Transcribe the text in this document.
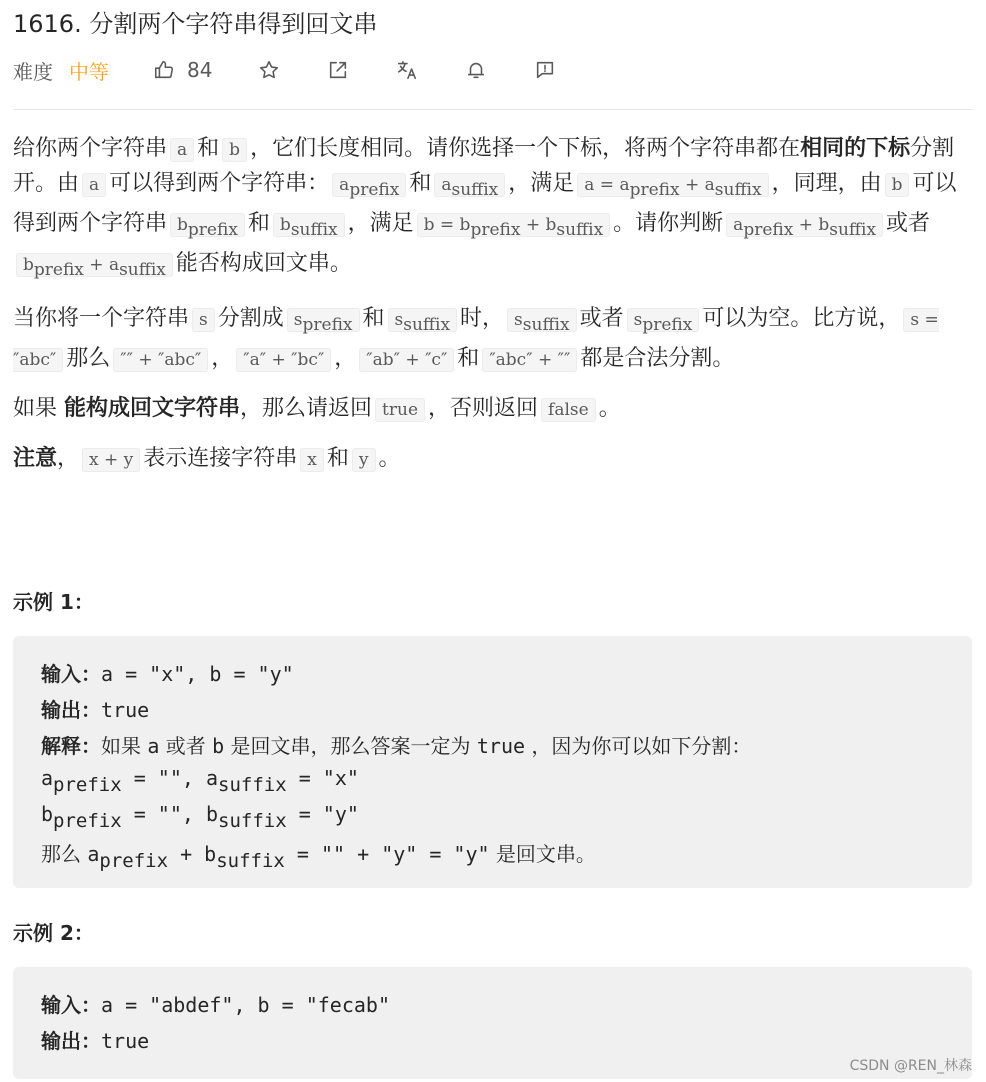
1616. 分割两个字符串得到回文串
难度 中等	84

给你两个字符串 a 和 b ，它们长度相同。请你选择一个下标，将两个字符串都在相同的下标分割开。由 a 可以得到两个字符串： $a_{prefix}$ 和 $a_{suffix}$ ，满足 $a = a_{prefix} + a_{suffix}$ ，同理，由 b 可以得到两个字符串 $b_{prefix}$ 和 $b_{suffix}$ ，满足 $b = b_{prefix} + b_{suffix}$ 。请你判断 $a_{prefix} + b_{suffix}$ 或者$b_{prefix} + a_{suffix}$ 能否构成回文串。

当你将一个字符串 s 分割成 $s_{prefix}$ 和 $s_{suffix}$ 时， $s_{suffix}$ 或者 $s_{prefix}$ 可以为空。比方说， s = ″abc″ 那么 ″″ + ″abc″ ， ″a″ + ″bc″ ， ″ab″ + ″c″ 和 ″abc″ + ″″ 都是合法分割。

如果 能构成回文字符串，那么请返回 true ，否则返回 false 。

注意， x + y 表示连接字符串 x 和 y 。

示例 1：
输入：a = "x", b = "y"
输出：true
解释：如果 a 或者 b 是回文串，那么答案一定为 true ，因为你可以如下分割：
$a_{prefix}$ = "", $a_{suffix}$ = "x"
$b_{prefix}$ = "", $b_{suffix}$ = "y"
那么 $a_{prefix} + b_{suffix}$ = "" + "y" = "y" 是回文串。
示例 2：
输入：a = "abdef", b = "fecab"
输出：true
CSDN @REN_林森
